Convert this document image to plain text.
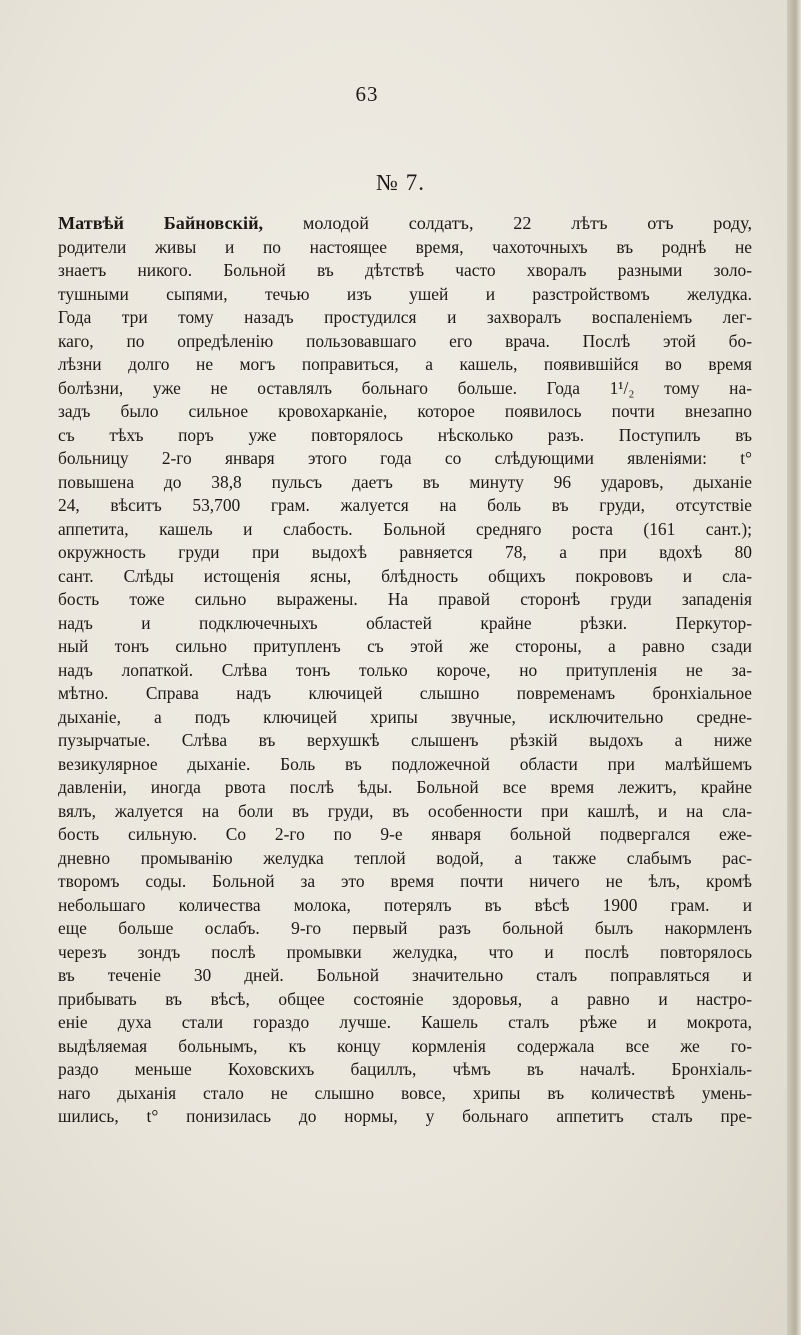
63
№ 7.
Матвѣй Байновскій, молодой солдатъ, 22 лѣтъ отъ роду,
родители живы и по настоящее время, чахоточныхъ въ роднѣ не
знаетъ никого. Больной въ дѣтствѣ часто хворалъ разными золо-
тушными сыпями, течью изъ ушей и разстройствомъ желудка.
Года три тому назадъ простудился и захворалъ воспаленіемъ лег-
каго, по опредѣленію пользовавшаго его врача. Послѣ этой бо-
лѣзни долго не могъ поправиться, а кашель, появившійся во время
болѣзни, уже не оставлялъ больнаго больше. Года 1¹/₂ тому на-
задъ было сильное кровохарканіе, которое появилось почти внезапно
съ тѣхъ поръ уже повторялось нѣсколько разъ. Поступилъ въ
больницу 2-го января этого года со слѣдующими явленіями: t°
повышена до 38,8 пульсъ даетъ въ минуту 96 ударовъ, дыханіе
24, вѣситъ 53,700 грам. жалуется на боль въ груди, отсутствіе
аппетита, кашель и слабость. Больной средняго роста (161 сант.);
окружность груди при выдохѣ равняется 78, а при вдохѣ 80
сант. Слѣды истощенія ясны, блѣдность общихъ покрововъ и сла-
бость тоже сильно выражены. На правой сторонѣ груди западенія
надъ и подключечныхъ областей крайне рѣзки. Перкутор-
ный тонъ сильно притупленъ съ этой же стороны, а равно сзади
надъ лопаткой. Слѣва тонъ только короче, но притупленія не за-
мѣтно. Справа надъ ключицей слышно повременамъ бронхіальное
дыханіе, а подъ ключицей хрипы звучные, исключительно средне-
пузырчатые. Слѣва въ верхушкѣ слышенъ рѣзкій выдохъ а ниже
везикулярное дыханіе. Боль въ подложечной области при малѣйшемъ
давленіи, иногда рвота послѣ ѣды. Больной все время лежитъ, крайне
вялъ, жалуется на боли въ груди, въ особенности при кашлѣ, и на сла-
бость сильную. Со 2-го по 9-е января больной подвергался еже-
дневно промыванію желудка теплой водой, а также слабымъ рас-
творомъ соды. Больной за это время почти ничего не ѣлъ, кромѣ
небольшаго количества молока, потерялъ въ вѣсѣ 1900 грам. и
еще больше ослабъ. 9-го первый разъ больной былъ накормленъ
черезъ зондъ послѣ промывки желудка, что и послѣ повторялось
въ теченіе 30 дней. Больной значительно сталъ поправляться и
прибывать въ вѣсѣ, общее состояніе здоровья, а равно и настро-
еніе духа стали гораздо лучше. Кашель сталъ рѣже и мокрота,
выдѣляемая больнымъ, къ концу кормленія содержала все же го-
раздо меньше Коховскихъ бациллъ, чѣмъ въ началѣ. Бронхіаль-
наго дыханія стало не слышно вовсе, хрипы въ количествѣ умень-
шились, t° понизилась до нормы, у больнаго аппетитъ сталъ пре-
